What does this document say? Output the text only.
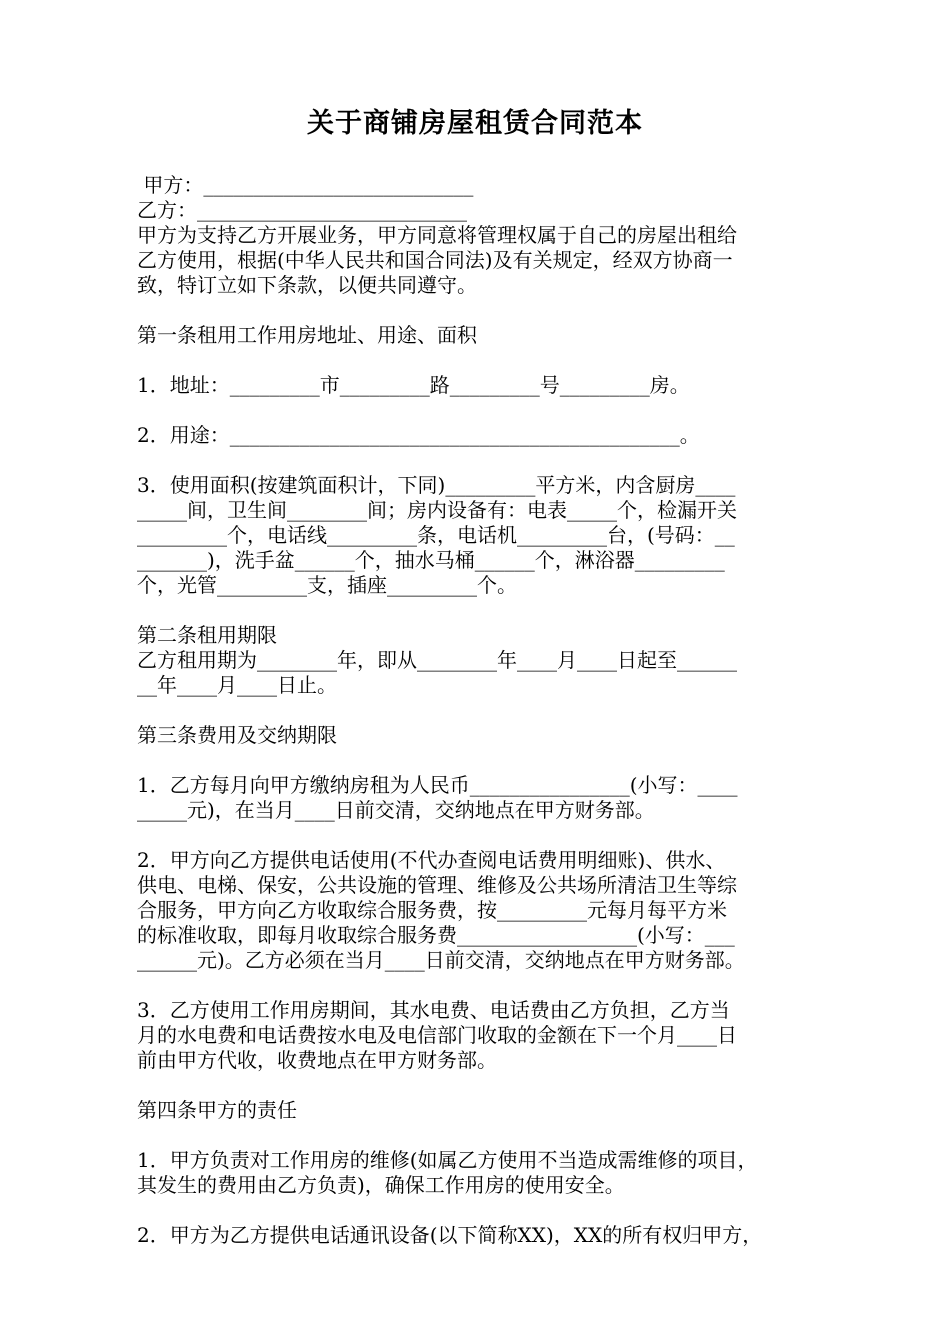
关于商铺房屋租赁合同范本
甲方：___________________________
乙方：___________________________
甲方为支持乙方开展业务，甲方同意将管理权属于自己的房屋出租给
乙方使用，根据(中华人民共和国合同法)及有关规定，经双方协商一
致，特订立如下条款，以便共同遵守。
第一条租用工作用房地址、用途、面积
1．地址：_________市_________路_________号_________房。
2．用途：_____________________________________________。
3．使用面积(按建筑面积计，下同)_________平方米，内含厨房____
_____间，卫生间________间；房内设备有：电表_____个，检漏开关
_________个，电话线_________条，电话机_________台，(号码：__
_______)，洗手盆______个，抽水马桶______个，淋浴器_________
个，光管_________支，插座_________个。
第二条租用期限
乙方租用期为________年，即从________年____月____日起至______
__年____月____日止。
第三条费用及交纳期限
1．乙方每月向甲方缴纳房租为人民币________________(小写：____
_____元)，在当月____日前交清，交纳地点在甲方财务部。
2．甲方向乙方提供电话使用(不代办查阅电话费用明细账)、供水、
供电、电梯、保安，公共设施的管理、维修及公共场所清洁卫生等综
合服务，甲方向乙方收取综合服务费，按_________元每月每平方米
的标准收取，即每月收取综合服务费__________________(小写：___
______元)。乙方必须在当月____日前交清，交纳地点在甲方财务部。
3．乙方使用工作用房期间，其水电费、电话费由乙方负担，乙方当
月的水电费和电话费按水电及电信部门收取的金额在下一个月____日
前由甲方代收，收费地点在甲方财务部。
第四条甲方的责任
1．甲方负责对工作用房的维修(如属乙方使用不当造成需维修的项目，
其发生的费用由乙方负责)，确保工作用房的使用安全。
2．甲方为乙方提供电话通讯设备(以下简称XX)，XX的所有权归甲方，
